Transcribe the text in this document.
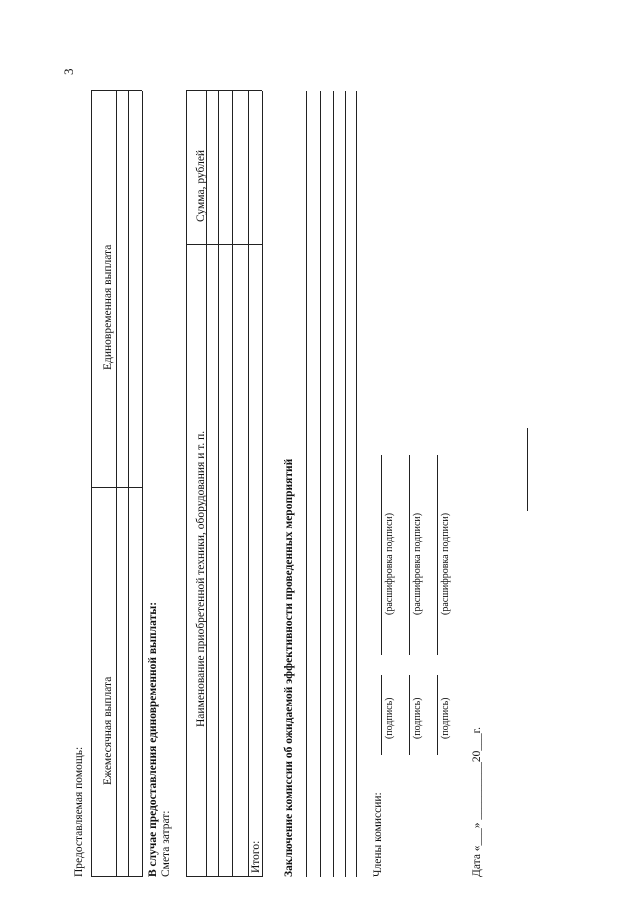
3
Предоставляемая помощь:
Ежемесячная выплата
Единовременная выплата
В случае предоставления единовременной выплаты: Смета затрат:
Наименование приобретенной техники, оборудования и т. п.
Сумма, рублей
Итого: Заключение комиссии об ожидаемой эффективности проведенных мероприятий	Члены комиссии:
(подпись)
(расшифровка подписи)
(подпись)
(расшифровка подписи)
(подпись)
(расшифровка подписи)
Дата «___» __________20___г.
